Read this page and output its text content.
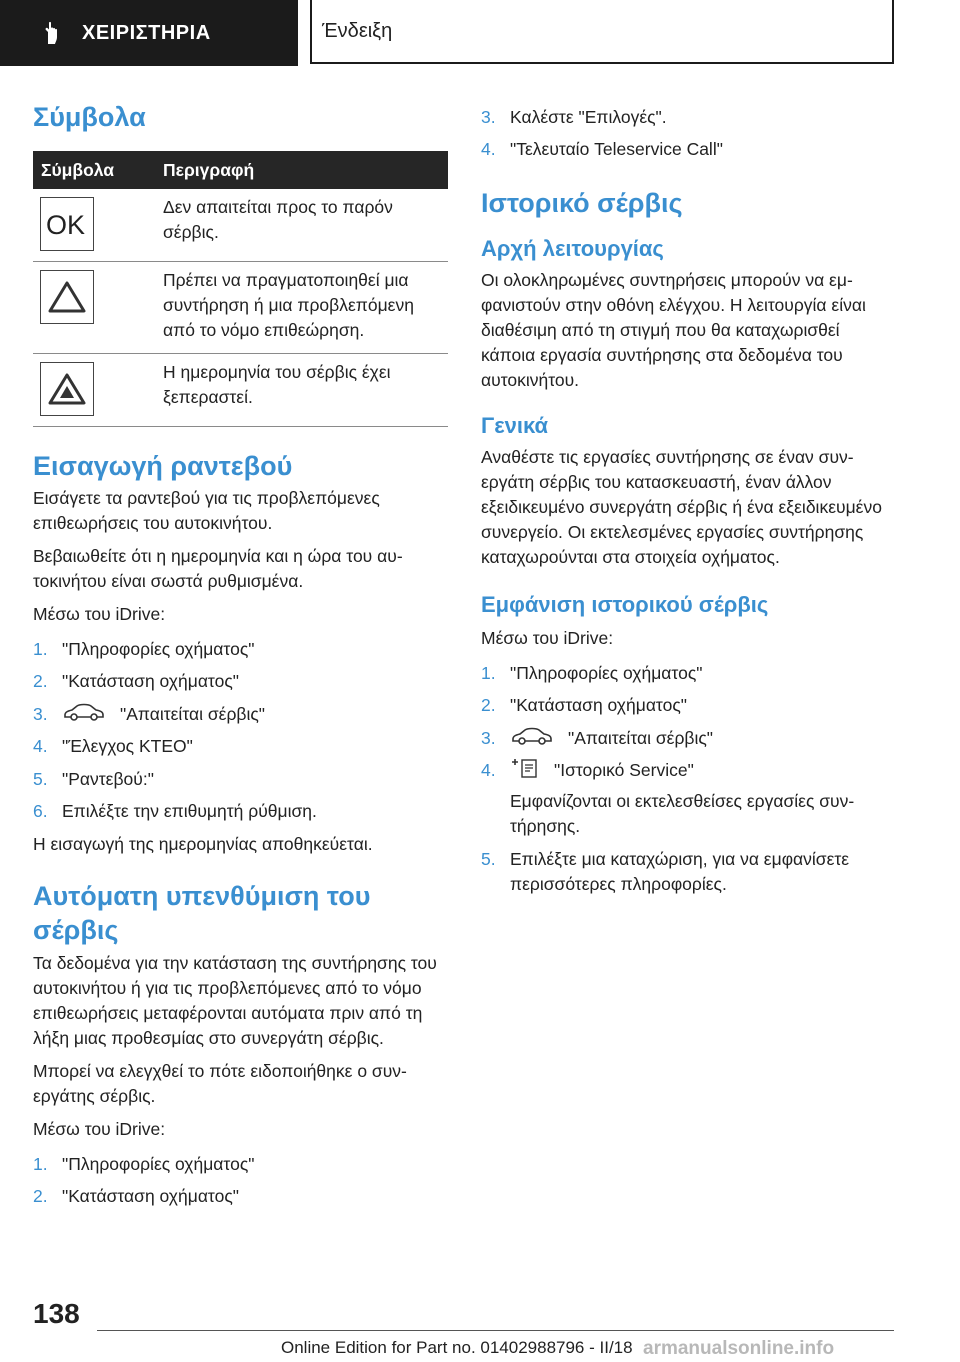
ΧΕΙΡΙΣΤΗΡΙΑ	Ένδειξη
Σύμβολα
Σύμβολα	Περιγραφή

OK	Δεν απαιτείται προς το παρόν σέρβις.

	Πρέπει να πραγματοποιηθεί μια συντήρηση ή μια προβλεπόμενη από το νόμο επιθεώρηση.

	Η ημερομηνία του σέρβις έχει ξεπεραστεί.
Εισαγωγή ραντεβού

Εισάγετε τα ραντεβού για τις προβλεπόμενες επιθεωρήσεις του αυτοκινήτου.

Βεβαιωθείτε ότι η ημερομηνία και η ώρα του αυτοκινήτου είναι σωστά ρυθμισμένα.

Μέσω του iDrive:

1. "Πληροφορίες οχήματος"
2. "Κατάσταση οχήματος"
3.	"Απαιτείται σέρβις"
4. "Έλεγχος ΚΤΕΟ"
5. "Ραντεβού:"
6. Επιλέξτε την επιθυμητή ρύθμιση.

Η εισαγωγή της ημερομηνίας αποθηκεύεται.

Αυτόματη υπενθύμιση του σέρβις

Τα δεδομένα για την κατάσταση της συντήρησης του αυτοκινήτου ή για τις προβλεπόμενες από το νόμο επιθεωρήσεις μεταφέρονται αυτόματα πριν από τη λήξη μιας προθεσμίας στο συνεργάτη σέρβις.

Μπορεί να ελεγχθεί το πότε ειδοποιήθηκε ο συνεργάτης σέρβις.

Μέσω του iDrive:

1. "Πληροφορίες οχήματος"
2. "Κατάσταση οχήματος"
3. Καλέστε "Επιλογές".
4. "Τελευταίο Teleservice Call"
Ιστορικό σέρβις
Αρχή λειτουργίας

Οι ολοκληρωμένες συντηρήσεις μπορούν να εμφανιστούν στην οθόνη ελέγχου. Η λειτουργία είναι διαθέσιμη από τη στιγμή που θα καταχωρισθεί κάποια εργασία συντήρησης στα δεδομένα του αυτοκινήτου.

Γενικά

Αναθέστε τις εργασίες συντήρησης σε έναν συνεργάτη σέρβις του κατασκευαστή, έναν άλλον εξειδικευμένο συνεργάτη σέρβις ή ένα εξειδικευμένο συνεργείο. Οι εκτελεσμένες εργασίες συντήρησης καταχωρούνται στα στοιχεία οχήματος.

Εμφάνιση ιστορικού σέρβις

Μέσω του iDrive:

1. "Πληροφορίες οχήματος"
2. "Κατάσταση οχήματος"
3.	"Απαιτείται σέρβις"
4.	"Ιστορικό Service"

Εμφανίζονται οι εκτελεσθείσες εργασίες συντήρησης.

5. Επιλέξτε μια καταχώριση, για να εμφανίσετε περισσότερες πληροφορίες.
138
Online Edition for Part no. 01402988796 - II/18 armanualsonline.info
